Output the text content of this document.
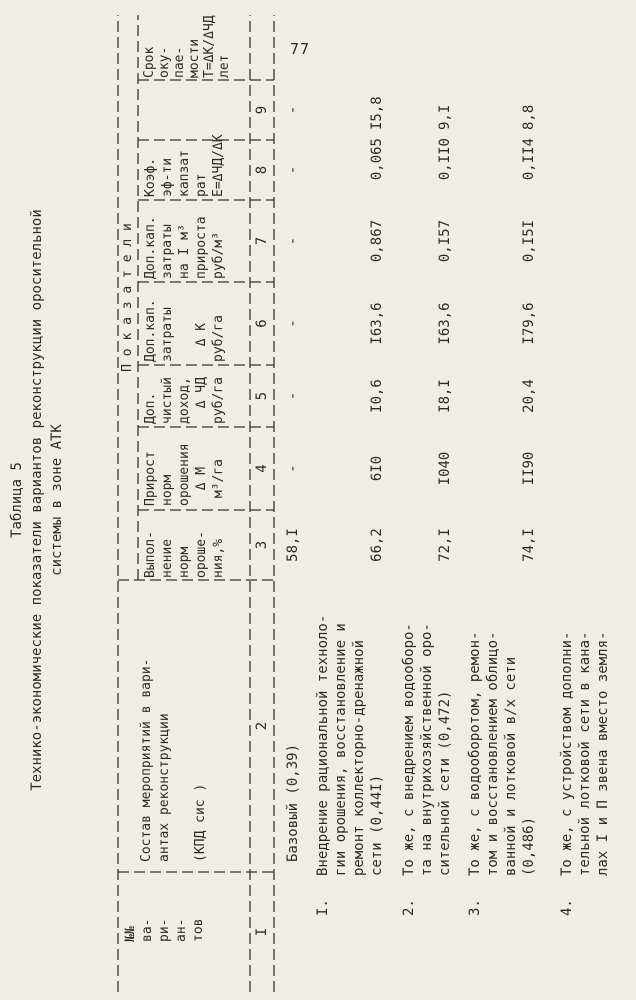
77
Таблица 5 Технико-экономические показатели вариантов реконструкции оросительной системы в зоне АТК
№№
ва-
ри-
ан-
тов
Состав мероприятий в вари-
антах реконструкции

(КПД сис )
П о к а з а т е л и
Выпол-
нение
норм
ороше-
ния,%
Прирост
норм
орошения
Δ М
м³/га
Доп.
чистый
доход,
Δ ЧД
руб/га
Доп.кап.
затраты

Δ К
руб/га
Доп.кап.
затраты
на I м³
прироста
руб/м³
Коэф.
эф-ти
капзат
рат
Е=ΔЧД/ΔК
Срок
оку-
пае-
мости
Т=ΔК/ΔЧД
лет
I
2
3
4
5
6
7
8
9
Базовый (0,39)
58,I
-
-
-
-
-
-
I.
Внедрение рациональной техноло-
гии орошения, восстановление и
ремонт коллекторно-дренажной
сети (0,44I)
66,2
6I0
I0,6
I63,6
0,867
0,065
I5,8
2.
То же, с внедрением водооборо-
та на внутрихозяйственной оро-
сительной сети (0,472)
72,I
I040
I8,I
I63,6
0,I57
0,II0
9,I
3.
То же, с водооборотом, ремон-
том и восстановлением облицо-
ванной и лотковой в/х сети
(0,486)
74,I
II90
20,4
I79,6
0,I5I
0,II4
8,8
4.
То же, с устройством дополни-
тельной лотковой сети в канa-
лах I и П звена вместо земля-
